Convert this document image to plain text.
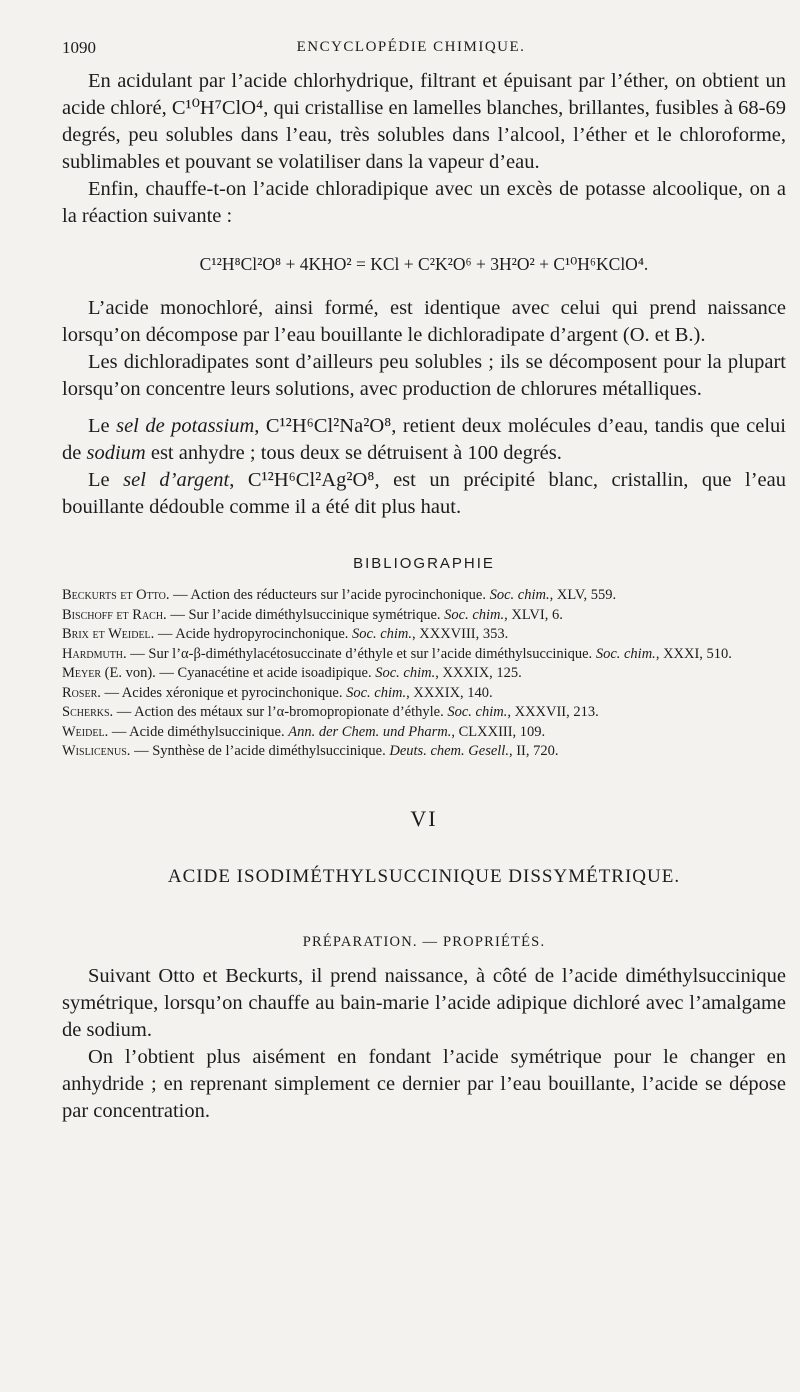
1090	ENCYCLOPÉDIE CHIMIQUE.

En acidulant par l’acide chlorhydrique, filtrant et épuisant par l’éther, on obtient un acide chloré, C¹⁰H⁷ClO⁴, qui cristallise en lamelles blanches, brillantes, fusibles à 68-69 degrés, peu solubles dans l’eau, très solubles dans l’alcool, l’éther et le chloroforme, sublimables et pouvant se volatiliser dans la vapeur d’eau.

Enfin, chauffe-t-on l’acide chloradipique avec un excès de potasse alcoolique, on a la réaction suivante :

C¹²H⁸Cl²O⁸ + 4KHO² = KCl + C²K²O⁶ + 3H²O² + C¹⁰H⁶KClO⁴.

L’acide monochloré, ainsi formé, est identique avec celui qui prend naissance lorsqu’on décompose par l’eau bouillante le dichloradipate d’argent (O. et B.).

Les dichloradipates sont d’ailleurs peu solubles ; ils se décomposent pour la plupart lorsqu’on concentre leurs solutions, avec production de chlorures métalliques.

Le sel de potassium, C¹²H⁶Cl²Na²O⁸, retient deux molécules d’eau, tandis que celui de sodium est anhydre ; tous deux se détruisent à 100 degrés.

Le sel d’argent, C¹²H⁶Cl²Ag²O⁸, est un précipité blanc, cristallin, que l’eau bouillante dédouble comme il a été dit plus haut.

BIBLIOGRAPHIE
Beckurts et Otto. — Action des réducteurs sur l’acide pyrocinchonique. Soc. chim., XLV, 559.
Bischoff et Rach. — Sur l’acide diméthylsuccinique symétrique. Soc. chim., XLVI, 6.
Brix et Weidel. — Acide hydropyrocinchonique. Soc. chim., XXXVIII, 353.
Hardmuth. — Sur l’α-β-diméthylacétosuccinate d’éthyle et sur l’acide diméthylsuccinique. Soc. chim., XXXI, 510.
Meyer (E. von). — Cyanacétine et acide isoadipique. Soc. chim., XXXIX, 125.
Roser. — Acides xéronique et pyrocinchonique. Soc. chim., XXXIX, 140.
Scherks. — Action des métaux sur l’α-bromopropionate d’éthyle. Soc. chim., XXXVII, 213.
Weidel. — Acide diméthylsuccinique. Ann. der Chem. und Pharm., CLXXIII, 109.
Wislicenus. — Synthèse de l’acide diméthylsuccinique. Deuts. chem. Gesell., II, 720.
VI
ACIDE ISODIMÉTHYLSUCCINIQUE DISSYMÉTRIQUE.
PRÉPARATION. — PROPRIÉTÉS.

Suivant Otto et Beckurts, il prend naissance, à côté de l’acide diméthylsuccinique symétrique, lorsqu’on chauffe au bain-marie l’acide adipique dichloré avec l’amalgame de sodium.

On l’obtient plus aisément en fondant l’acide symétrique pour le changer en anhydride ; en reprenant simplement ce dernier par l’eau bouillante, l’acide se dépose par concentration.
